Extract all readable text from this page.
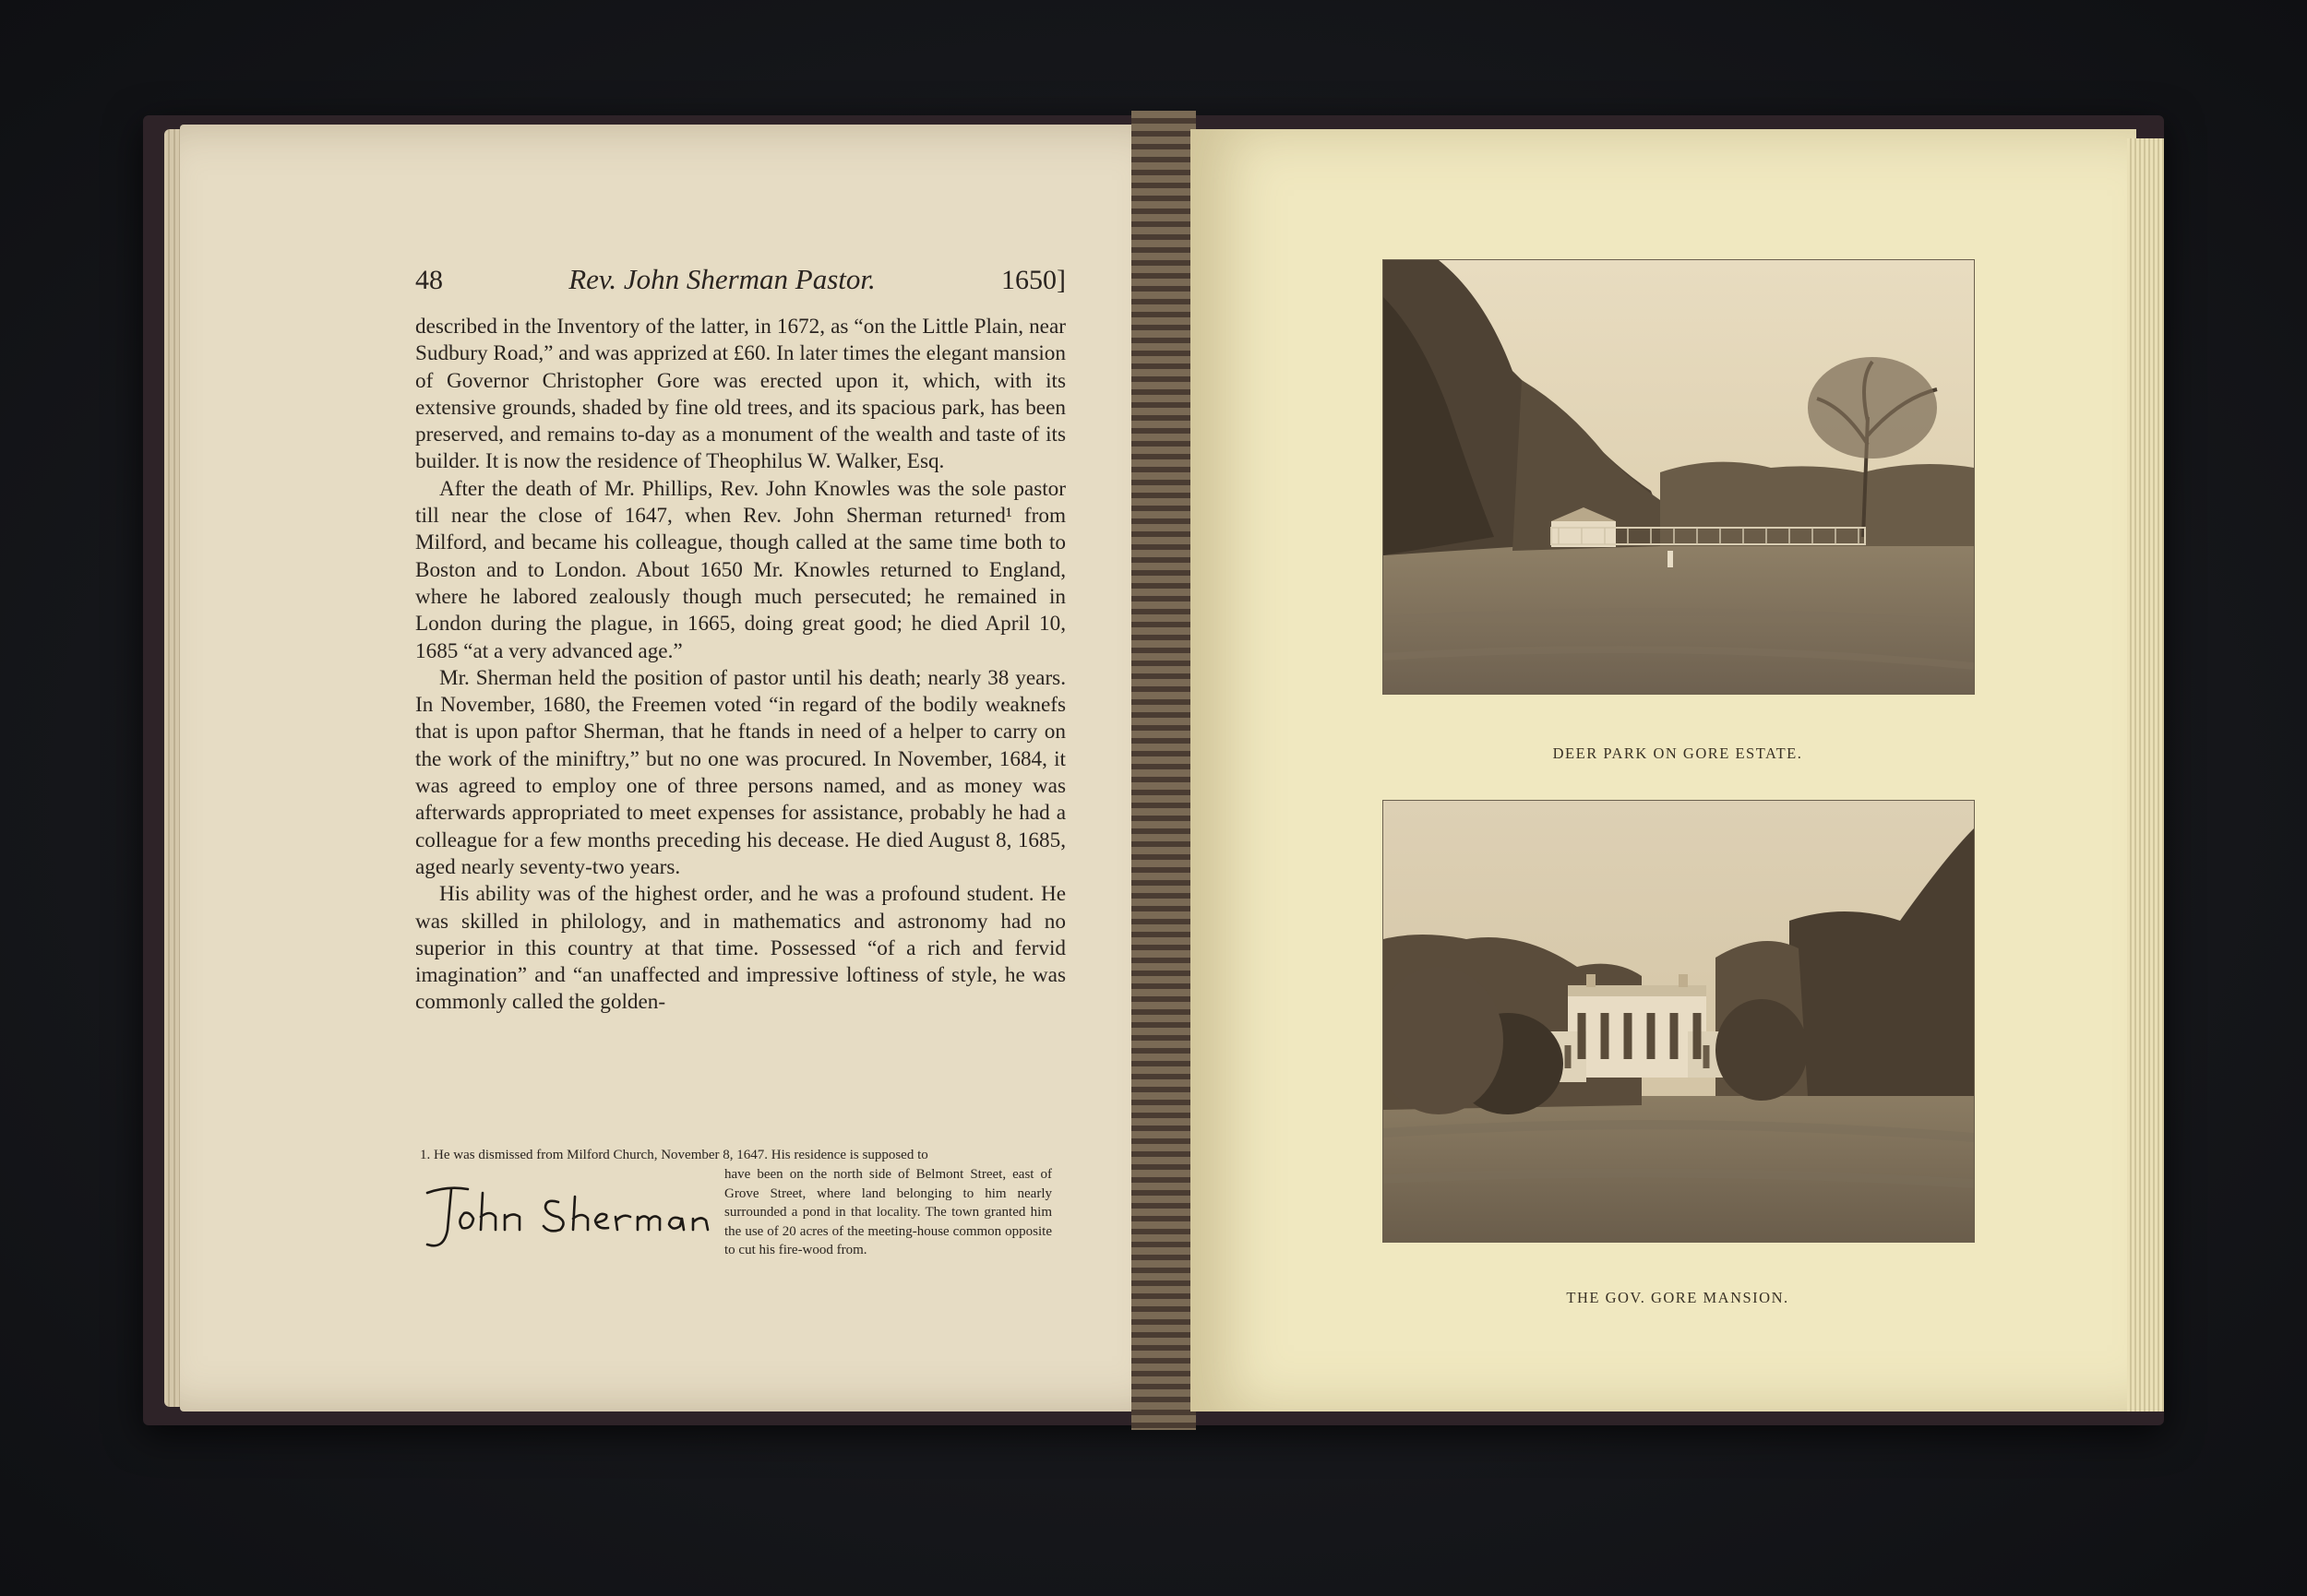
48	Rev. John Sherman Pastor.	1650]

described in the Inventory of the latter, in 1672, as “on the Little Plain, near Sudbury Road,” and was apprized at £60. In later times the elegant mansion of Governor Christopher Gore was erected upon it, which, with its extensive grounds, shaded by fine old trees, and its spacious park, has been preserved, and remains to-day as a monument of the wealth and taste of its builder. It is now the residence of Theophilus W. Walker, Esq.

After the death of Mr. Phillips, Rev. John Knowles was the sole pastor till near the close of 1647, when Rev. John Sherman returned¹ from Milford, and became his colleague, though called at the same time both to Boston and to London. About 1650 Mr. Knowles returned to England, where he labored zealously though much persecuted; he remained in London during the plague, in 1665, doing great good; he died April 10, 1685 “at a very advanced age.”

Mr. Sherman held the position of pastor until his death; nearly 38 years. In November, 1680, the Freemen voted “in regard of the bodily weaknefs that is upon paftor Sherman, that he ftands in need of a helper to carry on the work of the miniftry,” but no one was procured. In November, 1684, it was agreed to employ one of three persons named, and as money was afterwards appropriated to meet expenses for assistance, probably he had a colleague for a few months preceding his decease. He died August 8, 1685, aged nearly seventy-two years.

His ability was of the highest order, and he was a profound student. He was skilled in philology, and in mathematics and astronomy had no superior in this country at that time. Possessed “of a rich and fervid imagination” and “an unaffected and impressive loftiness of style, he was commonly called the golden-

1. He was dismissed from Milford Church, November 8, 1647. His residence is supposed to
have been on the north side of Belmont Street, east of Grove Street, where land belonging to him nearly surrounded a pond in that locality. The town granted him the use of 20 acres of the meeting-house common opposite to cut his fire-wood from.
DEER PARK ON GORE ESTATE.
THE GOV. GORE MANSION.
